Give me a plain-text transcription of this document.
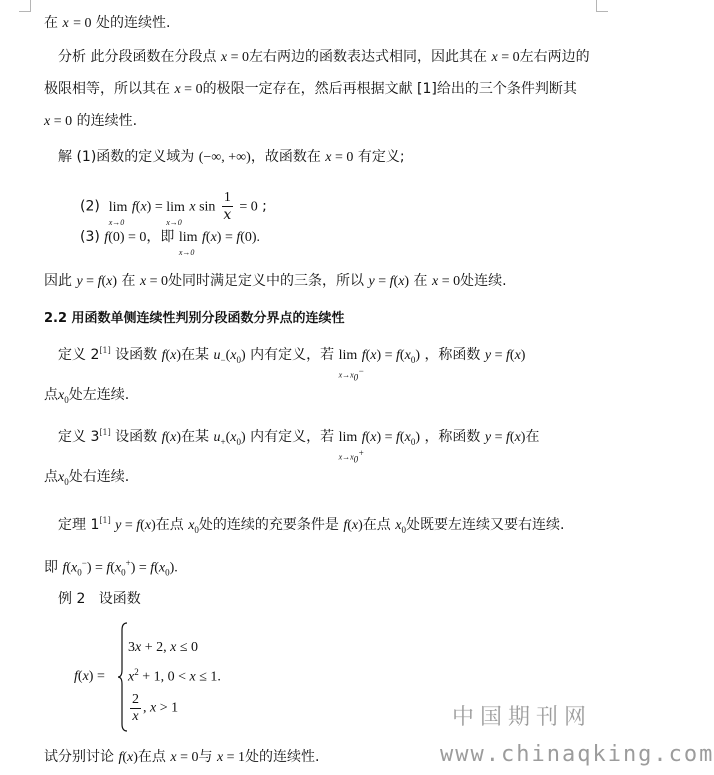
在 x = 0 处的连续性.
分析 此分段函数在分段点 x = 0左右两边的函数表达式相同，因此其在 x = 0左右两边的
极限相等，所以其在 x = 0的极限一定存在，然后再根据文献 [1]给出的三个条件判断其
x = 0 的连续性.
解 (1)函数的定义域为 (−∞, +∞)，故函数在 x = 0 有定义;
(2) lim
x→0
f(x) = lim
x→0
x $\sin \frac{1}{x} = 0$ ;
(3) f(0) = 0，即 lim
x→0
f(x) = f(0).
因此 y = f(x) 在 x = 0处同时满足定义中的三条，所以 y = f(x) 在 x = 0处连续.
2.2 用函数单侧连续性判别分段函数分界点的连续性
定义 2[1] 设函数 f(x)在某 $u_-(x_0)$ 内有定义，若 lim
$x\to x_0^-$
$f(x) = f(x_0)$ ，称函数 y = f(x)
点$x_0$处左连续.
定义 3[1] 设函数 f(x)在某 $u_+(x_0)$ 内有定义，若 lim
$x\to x_0^+$
$f(x) = f(x_0)$ ，称函数 y = f(x)在
点$x_0$处右连续.
定理 1[1] y = f(x)在点 $x_0$处的连续的充要条件是 f(x)在点 $x_0$处既要左连续又要右连续.
即 $f(x_0^-) = f(x_0^+) = f(x_0)$.
例 2 设函数
f(x) =
3x + 2, x ≤ 0
$x^2 + 1$, 0 < x ≤ 1.
$\frac{2}{x}$ , x > 1
试分别讨论 f(x)在点 x = 0与 x = 1处的连续性.
中国期刊网
www.chinaqking.com
